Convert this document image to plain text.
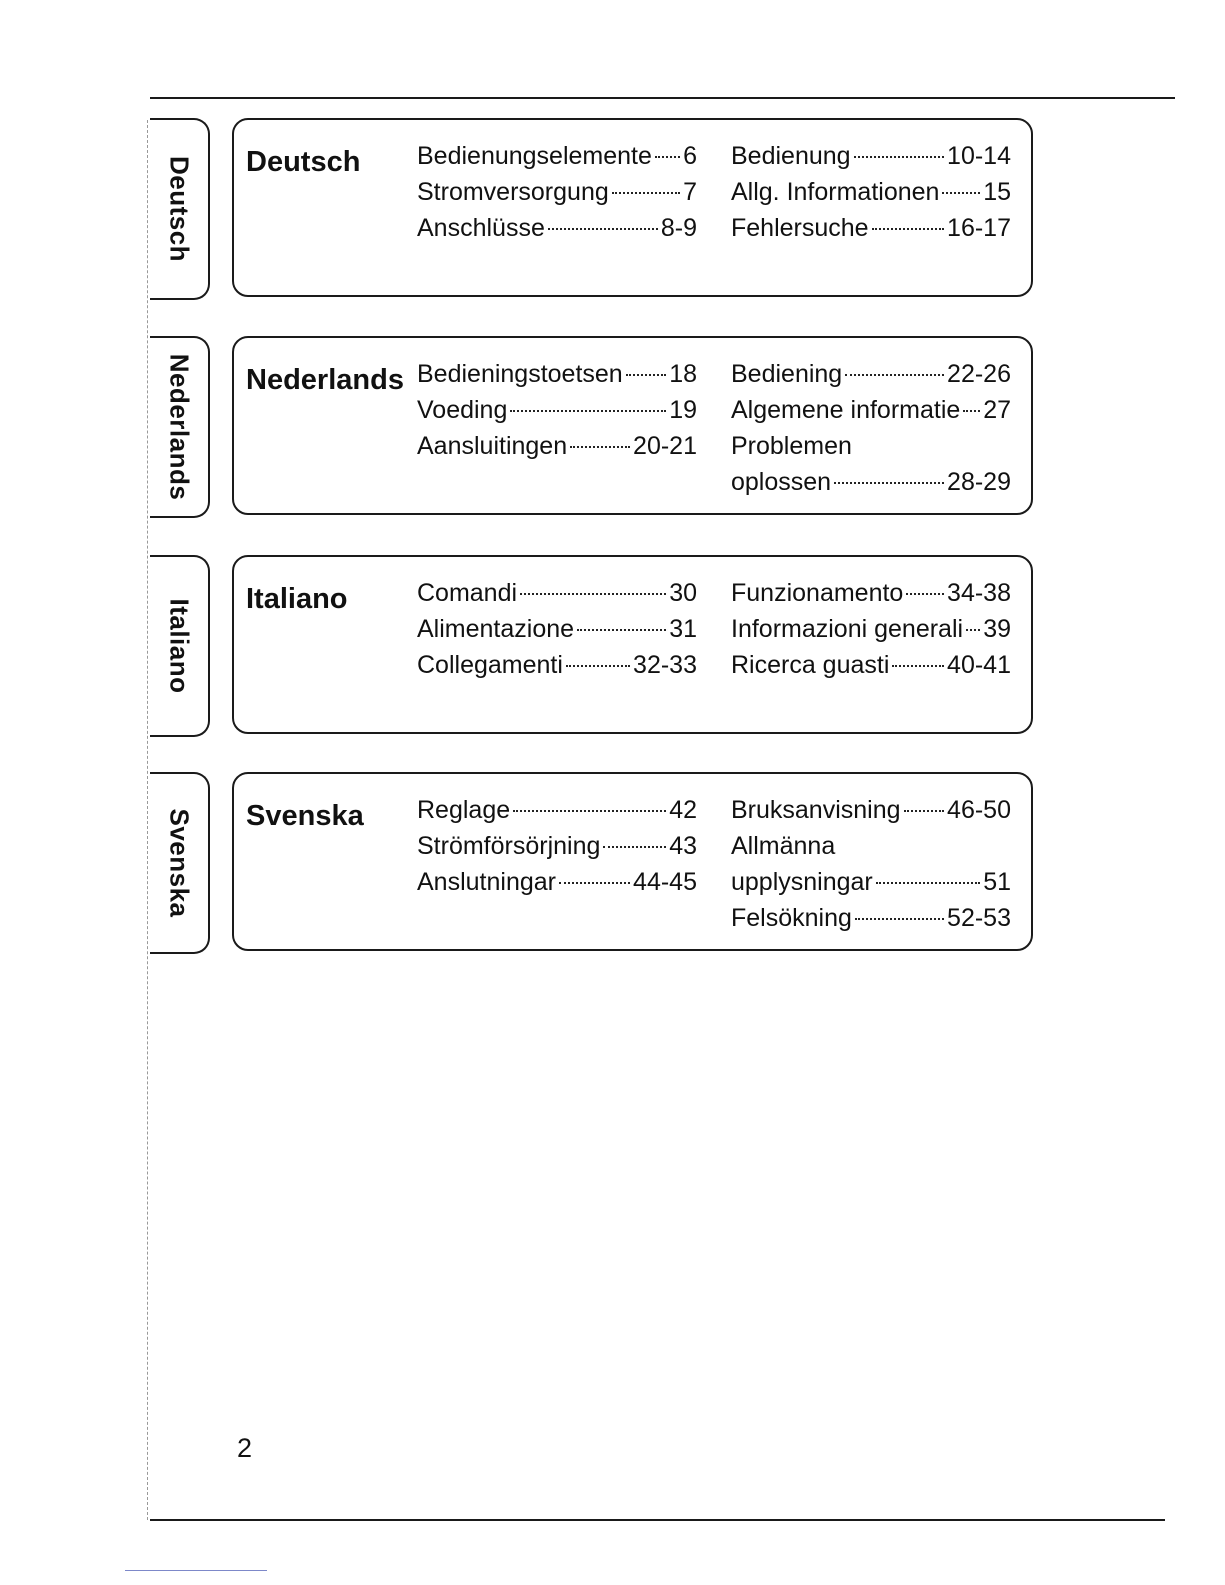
Deutsch Deutsch Bedienungselemente 6
Stromversorgung	7
Anschlüsse	8-9
Bedienung	10-14
Allg. Informationen 15
Fehlersuche	16-17
Nederlands Nederlands Bedieningstoetsen 18
Voeding	19
Aansluitingen	20-21
Bediening	22-26
Algemene informatie 27
Problemen
oplossen	28-29
Italiano Italiano	Comandi	30
Alimentazione	31
Collegamenti	32-33
Funzionamento 34-38
Informazioni generali 39
Ricerca guasti 40-41
Svenska Svenska Reglage	42
Strömförsörjning	43
Anslutningar	44-45
Bruksanvisning 46-50
Allmänna
upplysningar	51
Felsökning	52-53
2
